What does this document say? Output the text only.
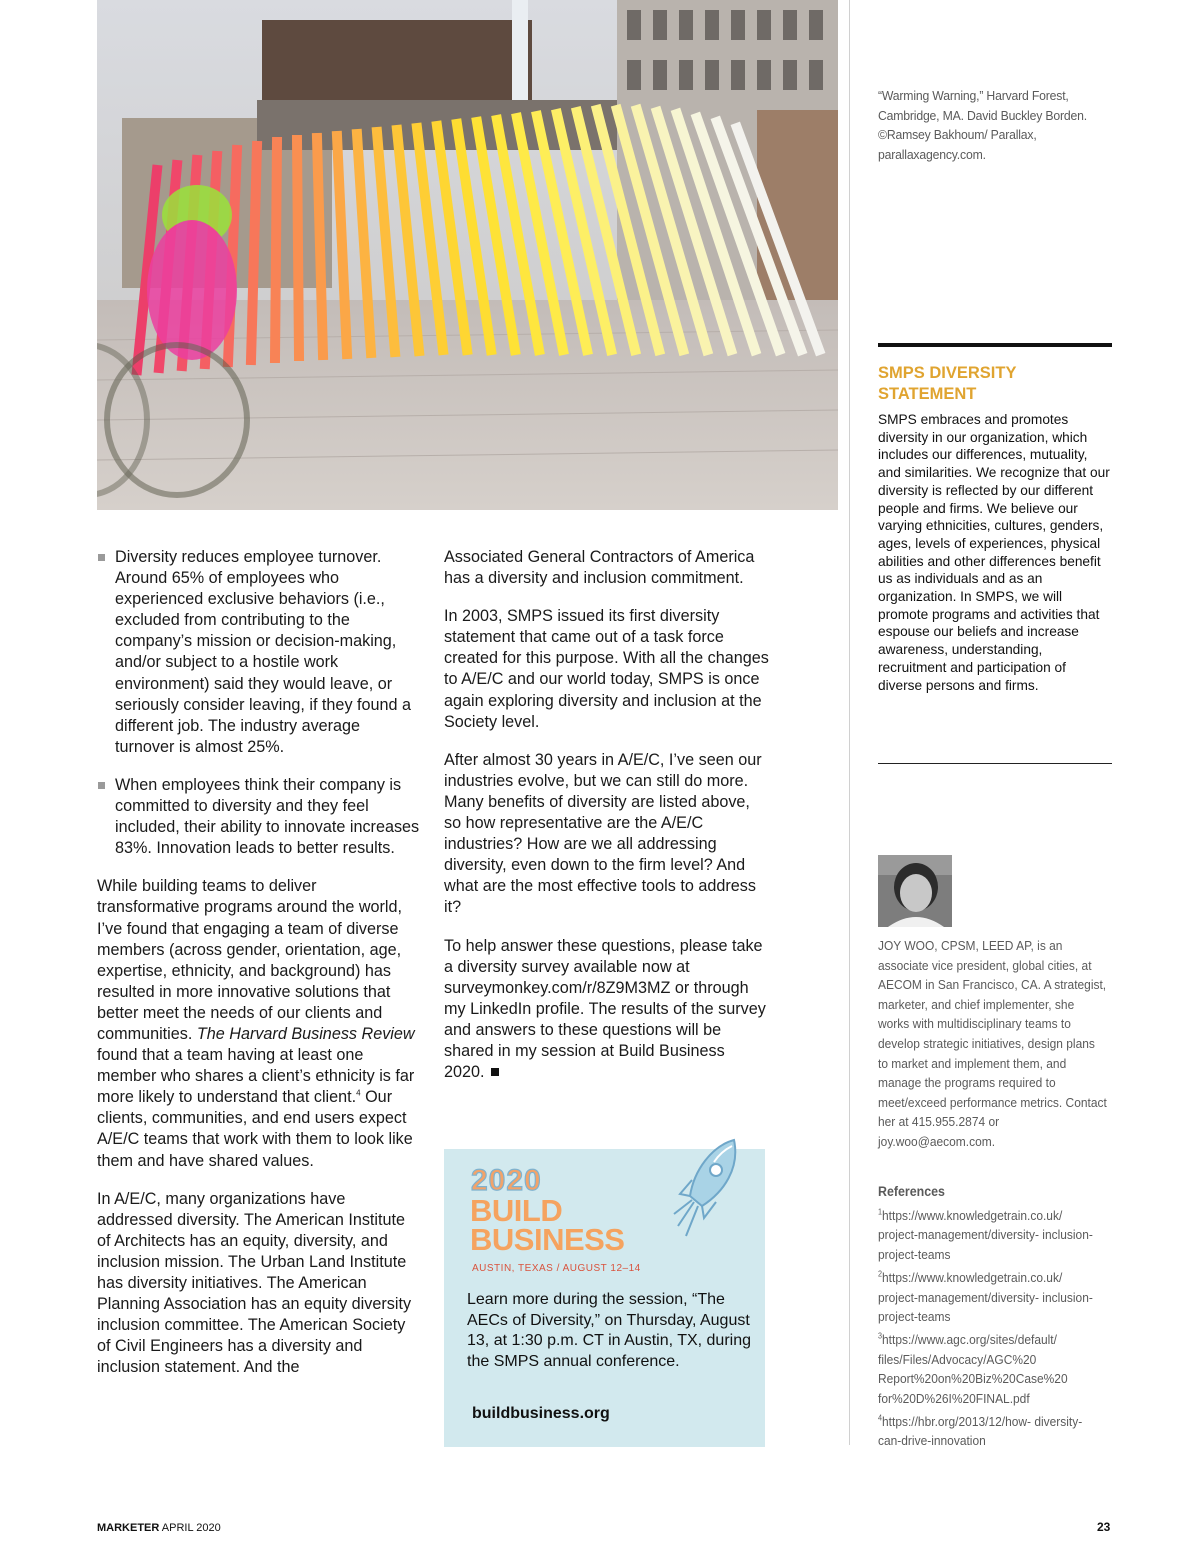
“Warming Warning,” Harvard Forest, Cambridge, MA. David Buckley Borden. ©Ramsey Bakhoum/ Parallax, parallaxagency.com.
SMPS DIVERSITY
STATEMENT
SMPS embraces and promotes diversity in our organization, which includes our differences, mutuality, and similarities. We recognize that our diversity is reflected by our different people and firms. We believe our varying ethnicities, cultures, genders, ages, levels of experiences, physical abilities and other differences benefit us as individuals and as an organization. In SMPS, we will promote programs and activities that espouse our beliefs and increase awareness, understanding, recruitment and participation of diverse persons and firms.
JOY WOO, CPSM, LEED AP, is an associate vice president, global cities, at AECOM in San Francisco, CA. A strategist, marketer, and chief implementer, she works with multidisciplinary teams to develop strategic initiatives, design plans to market and implement them, and manage the programs required to meet/exceed performance metrics. Contact her at 415.955.2874 or joy.woo@aecom.com.
References
$^1$https://www.knowledgetrain.co.uk/ project-management/diversity- inclusion-project-teams
$^2$https://www.knowledgetrain.co.uk/ project-management/diversity- inclusion-project-teams
$^3$https://www.agc.org/sites/default/ files/Files/Advocacy/AGC%20 Report%20on%20Biz%20Case%20 for%20D%26I%20FINAL.pdf
$^4$https://hbr.org/2013/12/how- diversity-can-drive-innovation
Diversity reduces employee turnover. Around 65% of employees who experienced exclusive behaviors (i.e., excluded from contributing to the company’s mission or decision-making, and/or subject to a hostile work environment) said they would leave, or seriously consider leaving, if they found a different job. The industry average turnover is almost 25%.
When employees think their company is committed to diversity and they feel included, their ability to innovate increases 83%. Innovation leads to better results.

While building teams to deliver transformative programs around the world, I’ve found that engaging a team of diverse members (across gender, orientation, age, expertise, ethnicity, and background) has resulted in more innovative solutions that better meet the needs of our clients and communities. The Harvard Business Review found that a team having at least one member who shares a client’s ethnicity is far more likely to understand that client.$^4$ Our clients, communities, and end users expect A/E/C teams that work with them to look like them and have shared values.

In A/E/C, many organizations have addressed diversity. The American Institute of Architects has an equity, diversity, and inclusion mission. The Urban Land Institute has diversity initiatives. The American Planning Association has an equity diversity inclusion committee. The American Society of Civil Engineers has a diversity and inclusion statement. And the

Associated General Contractors of America has a diversity and inclusion commitment.

In 2003, SMPS issued its first diversity statement that came out of a task force created for this purpose. With all the changes to A/E/C and our world today, SMPS is once again exploring diversity and inclusion at the Society level.

After almost 30 years in A/E/C, I’ve seen our industries evolve, but we can still do more. Many benefits of diversity are listed above, so how representative are the A/E/C industries? How are we all addressing diversity, even down to the firm level? And what are the most effective tools to address it?

To help answer these questions, please take a diversity survey available now at surveymonkey.com/r/8Z9M3MZ or through my LinkedIn profile. The results of the survey and answers to these questions will be shared in my session at Build Business 2020.

2020
BUILD
BUSINESS
AUSTIN, TEXAS / AUGUST 12–14
Learn more during the session, “The AECs of Diversity,” on Thursday, August 13, at 1:30 p.m. CT in Austin, TX, during the SMPS annual conference.
buildbusiness.org
MARKETER APRIL 2020	23
